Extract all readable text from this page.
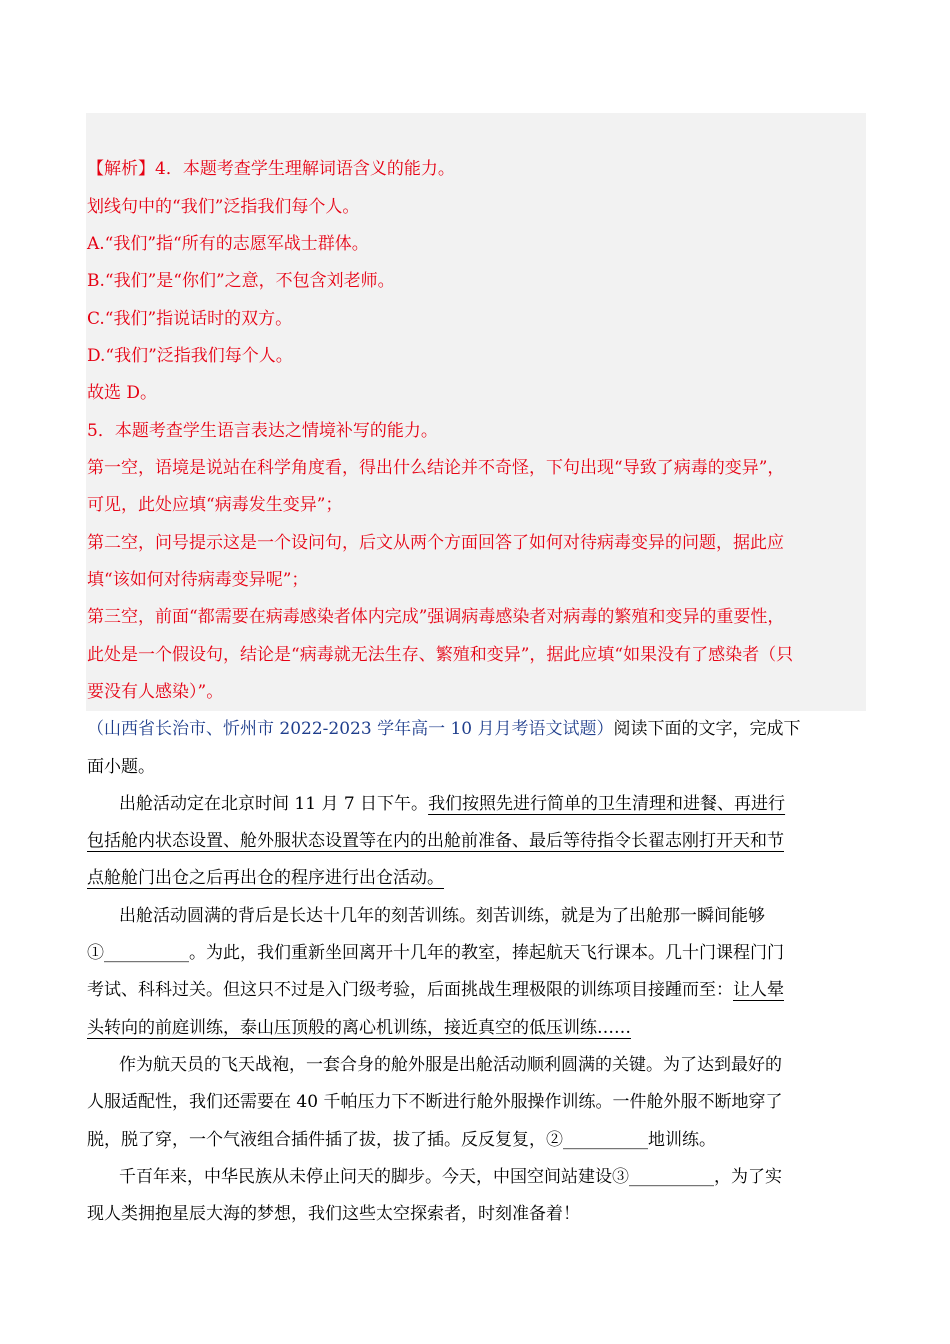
【解析】4．本题考查学生理解词语含义的能力。
划线句中的“我们”泛指我们每个人。
A.“我们”指“所有的志愿军战士群体。
B.“我们”是“你们”之意，不包含刘老师。
C.“我们”指说话时的双方。
D.“我们”泛指我们每个人。
故选 D。
5．本题考查学生语言表达之情境补写的能力。
第一空，语境是说站在科学角度看，得出什么结论并不奇怪，下句出现“导致了病毒的变异”，
可见，此处应填“病毒发生变异”；
第二空，问号提示这是一个设问句，后文从两个方面回答了如何对待病毒变异的问题，据此应
填“该如何对待病毒变异呢”；
第三空，前面“都需要在病毒感染者体内完成”强调病毒感染者对病毒的繁殖和变异的重要性，
此处是一个假设句，结论是“病毒就无法生存、繁殖和变异”，据此应填“如果没有了感染者（只
要没有人感染）”。
（山西省长治市、忻州市 2022-2023 学年高一 10 月月考语文试题）阅读下面的文字，完成下
面小题。
出舱活动定在北京时间 11 月 7 日下午。我们按照先进行简单的卫生清理和进餐、再进行
包括舱内状态设置、舱外服状态设置等在内的出舱前准备、最后等待指令长翟志刚打开天和节
点舱舱门出仓之后再出仓的程序进行出仓活动。
出舱活动圆满的背后是长达十几年的刻苦训练。刻苦训练，就是为了出舱那一瞬间能够
①__________。为此，我们重新坐回离开十几年的教室，捧起航天飞行课本。几十门课程门门
考试、科科过关。但这只不过是入门级考验，后面挑战生理极限的训练项目接踵而至：让人晕
头转向的前庭训练，泰山压顶般的离心机训练，接近真空的低压训练……
作为航天员的飞天战袍，一套合身的舱外服是出舱活动顺利圆满的关键。为了达到最好的
人服适配性，我们还需要在 40 千帕压力下不断进行舱外服操作训练。一件舱外服不断地穿了
脱，脱了穿，一个气液组合插件插了拔，拔了插。反反复复，②__________地训练。
千百年来，中华民族从未停止问天的脚步。今天，中国空间站建设③__________，为了实
现人类拥抱星辰大海的梦想，我们这些太空探索者，时刻准备着！
